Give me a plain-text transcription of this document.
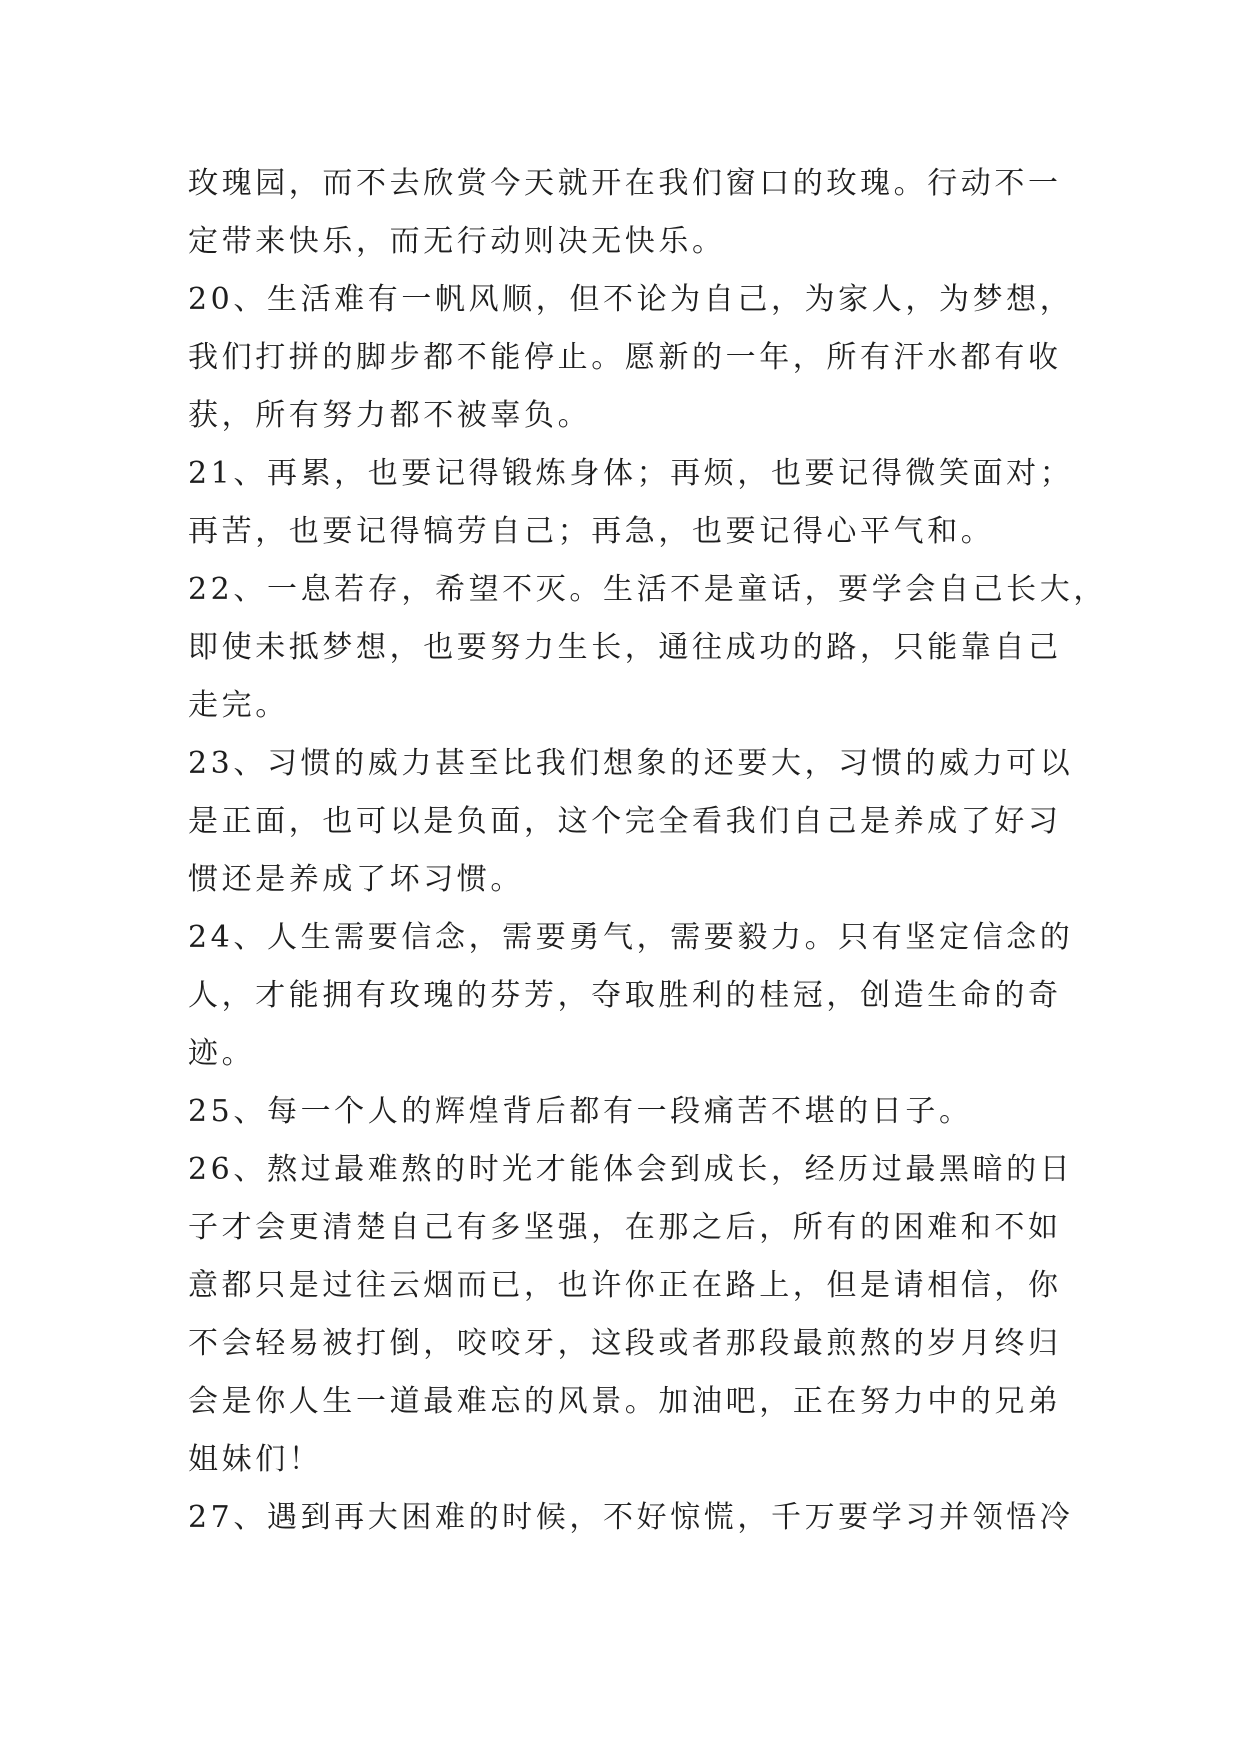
玫瑰园，而不去欣赏今天就开在我们窗口的玫瑰。行动不一

定带来快乐，而无行动则决无快乐。

20、生活难有一帆风顺，但不论为自己，为家人，为梦想，

我们打拼的脚步都不能停止。愿新的一年，所有汗水都有收

获，所有努力都不被辜负。

21、再累，也要记得锻炼身体；再烦，也要记得微笑面对；

再苦，也要记得犒劳自己；再急，也要记得心平气和。

22、一息若存，希望不灭。生活不是童话，要学会自己长大，

即使未抵梦想，也要努力生长，通往成功的路，只能靠自己

走完。

23、习惯的威力甚至比我们想象的还要大，习惯的威力可以

是正面，也可以是负面，这个完全看我们自己是养成了好习

惯还是养成了坏习惯。

24、人生需要信念，需要勇气，需要毅力。只有坚定信念的

人，才能拥有玫瑰的芬芳，夺取胜利的桂冠，创造生命的奇

迹。

25、每一个人的辉煌背后都有一段痛苦不堪的日子。

26、熬过最难熬的时光才能体会到成长，经历过最黑暗的日

子才会更清楚自己有多坚强，在那之后，所有的困难和不如

意都只是过往云烟而已，也许你正在路上，但是请相信，你

不会轻易被打倒，咬咬牙，这段或者那段最煎熬的岁月终归

会是你人生一道最难忘的风景。加油吧，正在努力中的兄弟

姐妹们！

27、遇到再大困难的时候，不好惊慌，千万要学习并领悟冷
